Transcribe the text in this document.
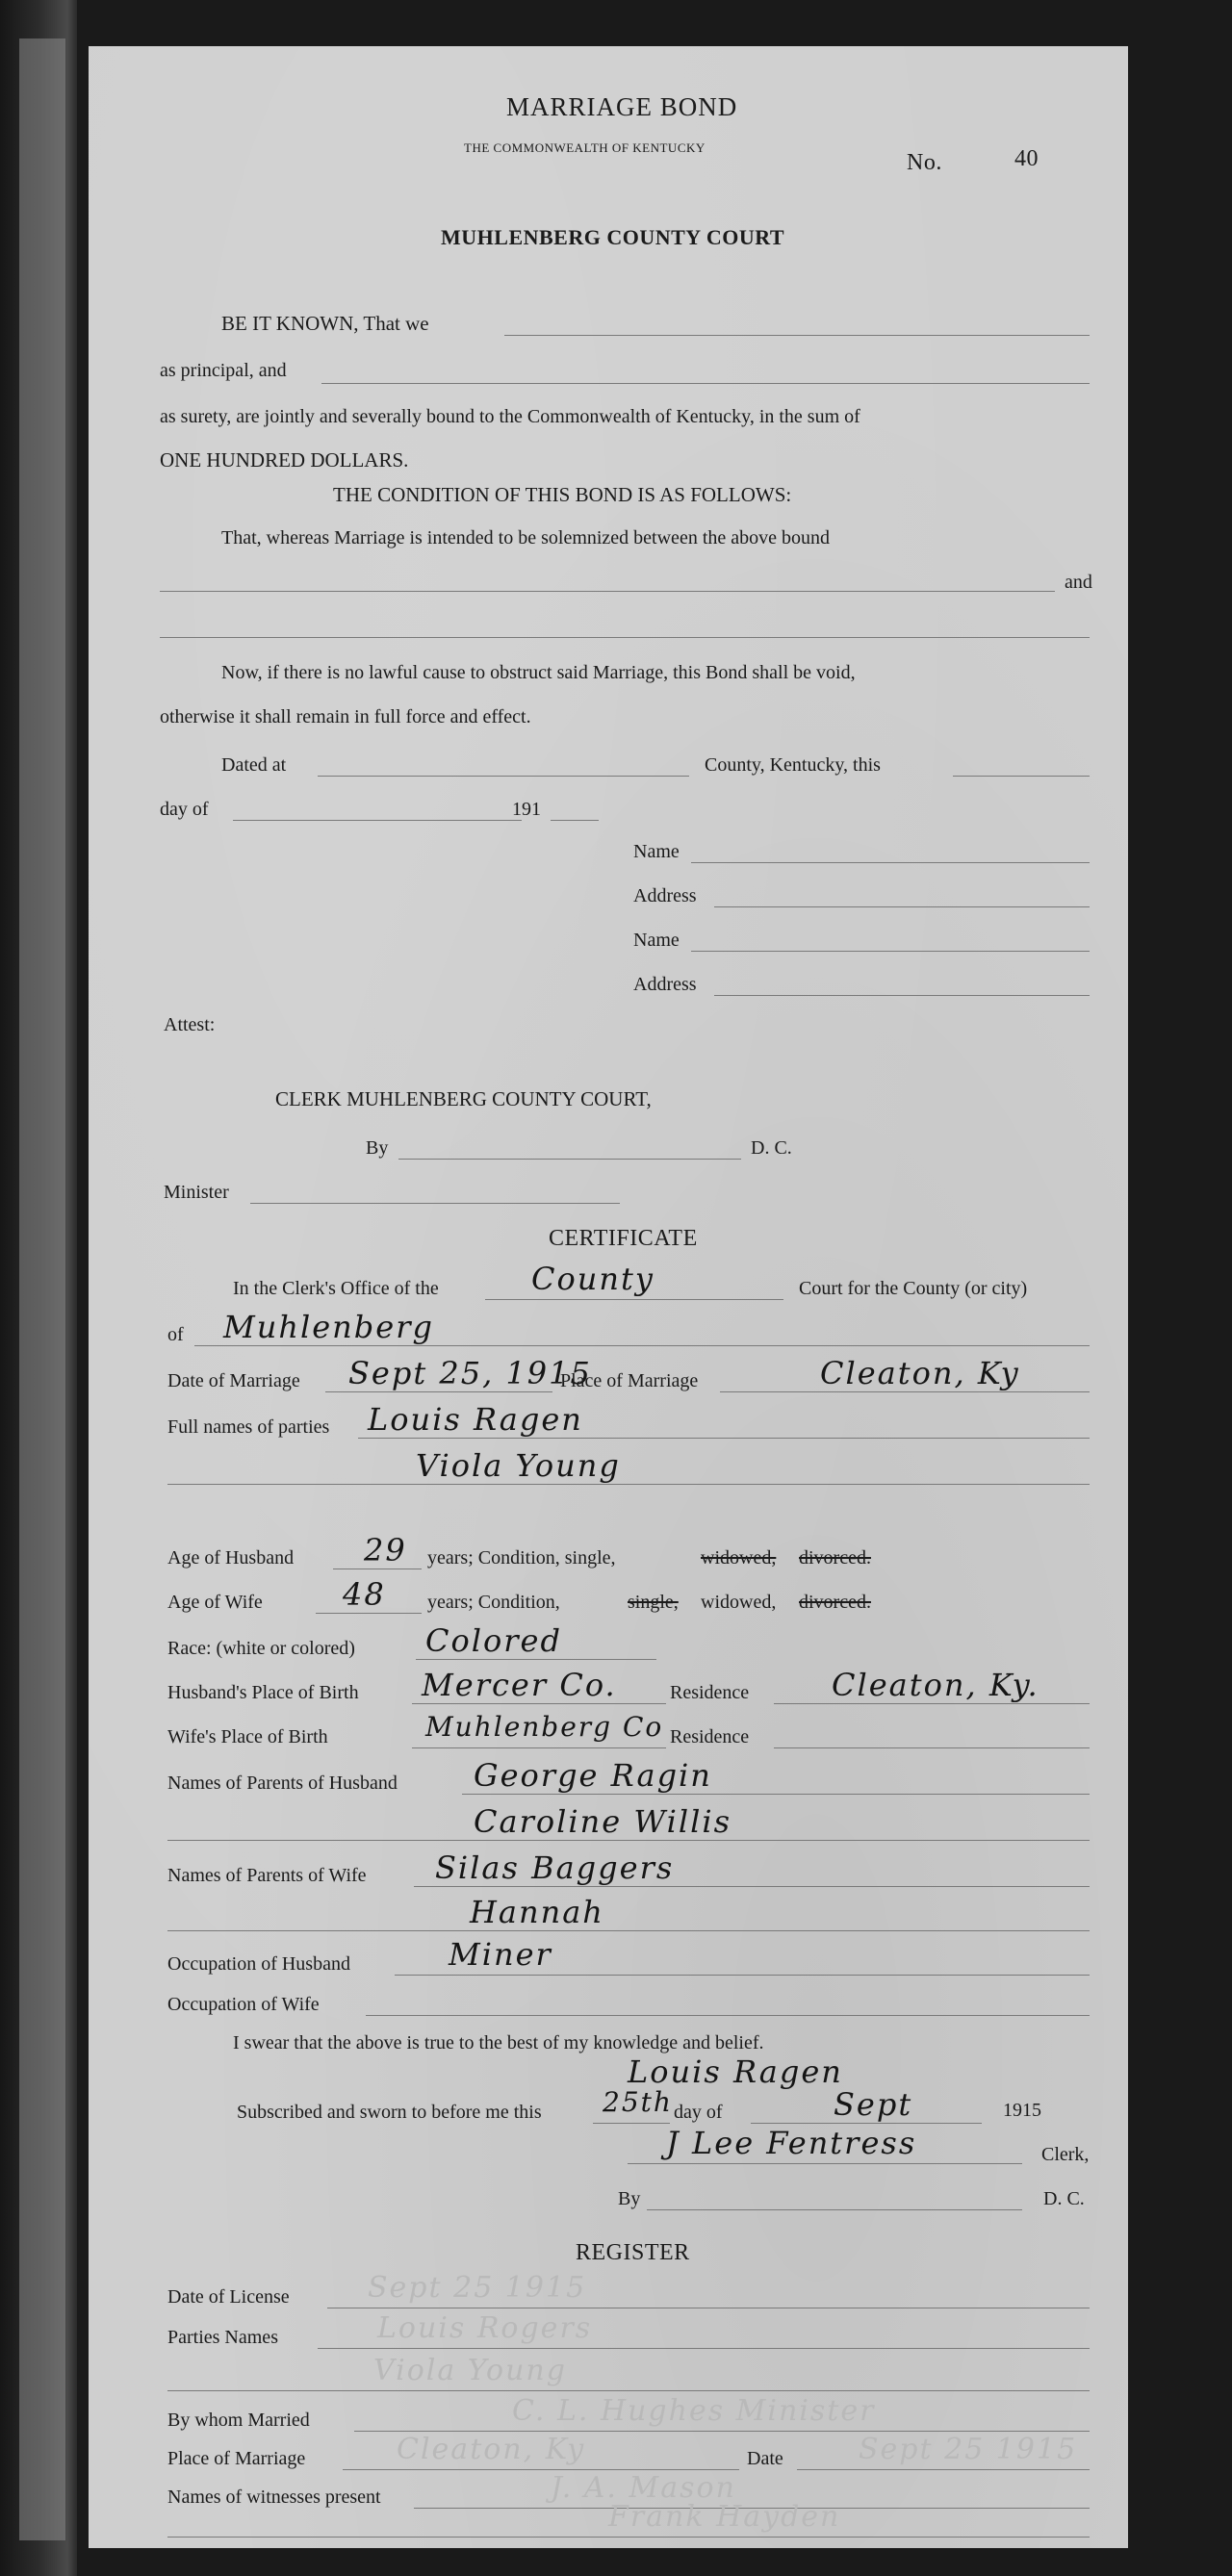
MARRIAGE BOND
THE COMMONWEALTH OF KENTUCKY
No.	40
MUHLENBERG COUNTY COURT
BE IT KNOWN, That we
as principal, and
as surety, are jointly and severally bound to the Commonwealth of Kentucky, in the sum of
ONE HUNDRED DOLLARS.
THE CONDITION OF THIS BOND IS AS FOLLOWS:
That, whereas Marriage is intended to be solemnized between the above bound
and
Now, if there is no lawful cause to obstruct said Marriage, this Bond shall be void,
otherwise it shall remain in full force and effect.
Dated at	County, Kentucky, this
day of	191
Name
Address
Name
Address
Attest:
CLERK MUHLENBERG COUNTY COURT,
By	D. C.
Minister
CERTIFICATE
In the Clerk's Office of the	County	Court for the County (or city)
of Muhlenberg
Date of Marriage Sept 25, 1915
Place of Marriage	Cleaton, Ky
Full names of parties Louis Ragen
Viola Young
Age of Husband 29 years; Condition, single,	widowed, divorced.
Age of Wife	48 years; Condition,	single, widowed, divorced.
Race: (white or colored) Colored
Husband's Place of Birth Mercer Co.	Residence	Cleaton, Ky.
Wife's Place of Birth	Muhlenberg Co Residence
Names of Parents of Husband George Ragin
Caroline Willis
Names of Parents of Wife Silas Baggers
Hannah
Occupation of Husband	Miner
Occupation of Wife
I swear that the above is true to the best of my knowledge and belief.
Louis Ragen
Subscribed and sworn to before me this 25th day of	Sept	1915
J Lee Fentress	Clerk,
By	D. C.
REGISTER
Date of License	Sept 25 1915
Parties Names	Louis Rogers
Viola Young
By whom Married	C. L. Hughes Minister
Place of Marriage	Cleaton, Ky	Date	Sept 25 1915
Names of witnesses present	J. A. Mason
Frank Hayden
